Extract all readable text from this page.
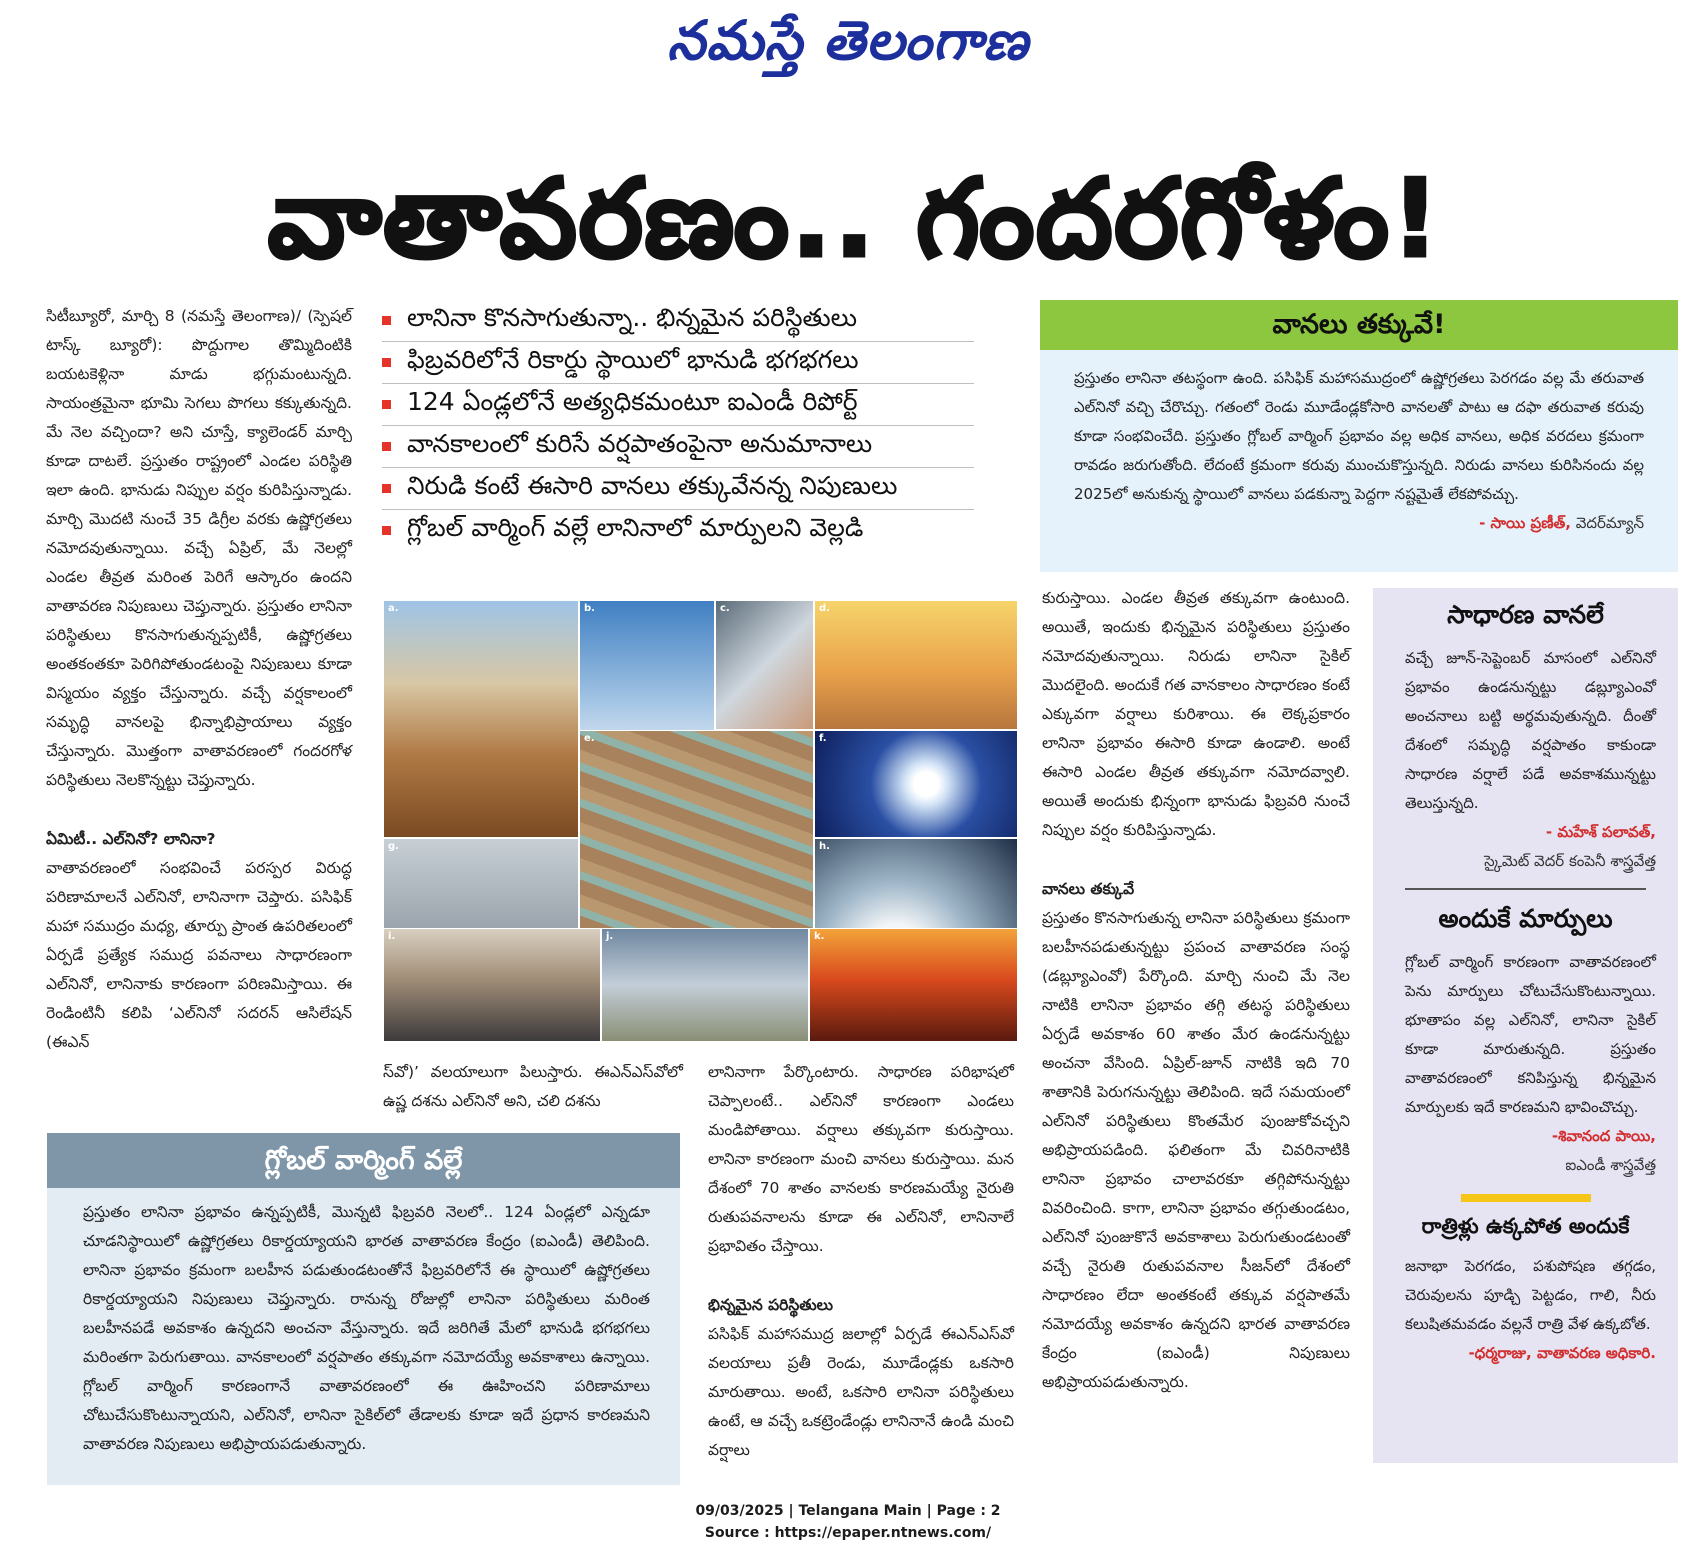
నమస్తే తెలంగాణ
వాతావరణం.. గందరగోళం!

సిటీబ్యూరో, మార్చి 8 (నమస్తే తెలంగాణ)/ (స్పెషల్ టాస్క్ బ్యూరో): పొద్దుగాల తొమ్మిదింటికి బయటకెళ్లినా మాడు భగ్గుమంటున్నది. సాయంత్రమైనా భూమి సెగలు పొగలు కక్కుతున్నది. మే నెల వచ్చిందా? అని చూస్తే, క్యాలెండర్ మార్చి కూడా దాటలే. ప్రస్తుతం రాష్ట్రంలో ఎండల పరిస్థితి ఇలా ఉంది. భానుడు నిప్పుల వర్షం కురిపిస్తున్నాడు. మార్చి మొదటి నుంచే 35 డిగ్రీల వరకు ఉష్ణోగ్రతలు నమోదవుతున్నాయి. వచ్చే ఏప్రిల్, మే నెలల్లో ఎండల తీవ్రత మరింత పెరిగే ఆస్కారం ఉందని వాతావరణ నిపుణులు చెప్తున్నారు. ప్రస్తుతం లానినా పరిస్థితులు కొనసాగుతున్నప్పటికీ, ఉష్ణోగ్రతలు అంతకంతకూ పెరిగిపోతుండటంపై నిపుణులు కూడా విస్మయం వ్యక్తం చేస్తున్నారు. వచ్చే వర్షకాలంలో సమృద్ధి వానలపై భిన్నాభిప్రాయాలు వ్యక్తం చేస్తున్నారు. మొత్తంగా వాతావరణంలో గందరగోళ పరిస్థితులు నెలకొన్నట్టు చెప్తున్నారు.

ఏమిటీ.. ఎల్‌నినో? లానినా?

వాతావరణంలో సంభవించే పరస్పర విరుద్ధ పరిణామాలనే ఎల్‌నినో, లానినాగా చెప్తారు. పసిఫిక్ మహా సముద్రం మధ్య, తూర్పు ప్రాంత ఉపరితలంలో ఏర్పడే ప్రత్యేక సముద్ర పవనాలు సాధారణంగా ఎల్‌నినో, లానినాకు కారణంగా పరిణమిస్తాయి. ఈ రెండింటినీ కలిపి ‘ఎల్‌నినో సదరన్ ఆసిలేషన్ (ఈఎన్

లానినా కొనసాగుతున్నా.. భిన్నమైన పరిస్థితులు
ఫిబ్రవరిలోనే రికార్డు స్థాయిలో భానుడి భగభగలు
124 ఏండ్లలోనే అత్యధికమంటూ ఐఎండీ రిపోర్ట్
వానకాలంలో కురిసే వర్షపాతంపైనా అనుమానాలు
నిరుడి కంటే ఈసారి వానలు తక్కువేనన్న నిపుణులు
గ్లోబల్ వార్మింగ్ వల్లే లానినాలో మార్పులని వెల్లడి
a.	b.	c.	d.
e.	f.
g.	h.
i.	j.	k.

స్‌వో)’ వలయాలుగా పిలుస్తారు. ఈఎన్‌ఎస్‌వోలో ఉష్ణ దశను ఎల్‌నినో అని, చలి దశను

లానినాగా పేర్కొంటారు. సాధారణ పరిభాషలో చెప్పాలంటే.. ఎల్‌నినో కారణంగా ఎండలు మండిపోతాయి. వర్షాలు తక్కువగా కురుస్తాయి. లానినా కారణంగా మంచి వానలు కురుస్తాయి. మన దేశంలో 70 శాతం వానలకు కారణమయ్యే నైరుతి రుతుపవనాలను కూడా ఈ ఎల్‌నినో, లానినాలే ప్రభావితం చేస్తాయి.

భిన్నమైన పరిస్థితులు

పసిఫిక్ మహాసముద్ర జలాల్లో ఏర్పడే ఈఎన్‌ఎస్‌వో వలయాలు ప్రతీ రెండు, మూడేండ్లకు ఒకసారి మారుతాయి. అంటే, ఒకసారి లానినా పరిస్థితులు ఉంటే, ఆ వచ్చే ఒకట్రెండేండ్లు లానినానే ఉండి మంచి వర్షాలు

కురుస్తాయి. ఎండల తీవ్రత తక్కువగా ఉంటుంది. అయితే, ఇందుకు భిన్నమైన పరిస్థితులు ప్రస్తుతం నమోదవుతున్నాయి. నిరుడు లానినా సైకిల్ మొదలైంది. అందుకే గత వానకాలం సాధారణం కంటే ఎక్కువగా వర్షాలు కురిశాయి. ఈ లెక్కప్రకారం లానినా ప్రభావం ఈసారి కూడా ఉండాలి. అంటే ఈసారి ఎండల తీవ్రత తక్కువగా నమోదవ్వాలి. అయితే అందుకు భిన్నంగా భానుడు ఫిబ్రవరి నుంచే నిప్పుల వర్షం కురిపిస్తున్నాడు.

వానలు తక్కువే

ప్రస్తుతం కొనసాగుతున్న లానినా పరిస్థితులు క్రమంగా బలహీనపడుతున్నట్టు ప్రపంచ వాతావరణ సంస్థ (డబ్ల్యూఎంవో) పేర్కొంది. మార్చి నుంచి మే నెల నాటికి లానినా ప్రభావం తగ్గి తటస్థ పరిస్థితులు ఏర్పడే అవకాశం 60 శాతం మేర ఉండనున్నట్టు అంచనా వేసింది. ఏప్రిల్-జూన్ నాటికి ఇది 70 శాతానికి పెరుగనున్నట్టు తెలిపింది. ఇదే సమయంలో ఎల్‌నినో పరిస్థితులు కొంతమేర పుంజుకోవచ్చని అభిప్రాయపడింది. ఫలితంగా మే చివరినాటికి లానినా ప్రభావం చాలావరకూ తగ్గిపోనున్నట్టు వివరించింది. కాగా, లానినా ప్రభావం తగ్గుతుండటం, ఎల్‌నినో పుంజుకొనే అవకాశాలు పెరుగుతుండటంతో వచ్చే నైరుతి రుతుపవనాల సీజన్‌లో దేశంలో సాధారణం లేదా అంతకంటే తక్కువ వర్షపాతమే నమోదయ్యే అవకాశం ఉన్నదని భారత వాతావరణ కేంద్రం (ఐఎండీ) నిపుణులు అభిప్రాయపడుతున్నారు.

వానలు తక్కువే!
ప్రస్తుతం లానినా తటస్థంగా ఉంది. పసిఫిక్ మహాసముద్రంలో ఉష్ణోగ్రతలు పెరగడం వల్ల మే తరువాత ఎల్‌నినో వచ్చి చేరొచ్చు. గతంలో రెండు మూడేండ్లకోసారి వానలతో పాటు ఆ దఫా తరువాత కరువు కూడా సంభవించేది. ప్రస్తుతం గ్లోబల్ వార్మింగ్ ప్రభావం వల్ల అధిక వానలు, అధిక వరదలు క్రమంగా రావడం జరుగుతోంది. లేదంటే క్రమంగా కరువు ముంచుకొస్తున్నది. నిరుడు వానలు కురిసినందు వల్ల 2025లో అనుకున్న స్థాయిలో వానలు పడకున్నా పెద్దగా నష్టమైతే లేకపోవచ్చు.
- సాయి ప్రణీత్, వెదర్‌మ్యాన్
సాధారణ వానలే
వచ్చే జూన్-సెప్టెంబర్ మాసంలో ఎల్‌నినో ప్రభావం ఉండనున్నట్టు డబ్ల్యూఎంవో అంచనాలు బట్టి అర్థమవుతున్నది. దీంతో దేశంలో సమృద్ధి వర్షపాతం కాకుండా సాధారణ వర్షాలే పడే అవకాశమున్నట్టు తెలుస్తున్నది.
- మహేశ్ పలావత్,
స్కైమెట్ వెదర్ కంపెనీ శాస్త్రవేత్త
అందుకే మార్పులు
గ్లోబల్ వార్మింగ్ కారణంగా వాతావరణంలో పెను మార్పులు చోటుచేసుకొంటున్నాయి. భూతాపం వల్ల ఎల్‌నినో, లానినా సైకిల్ కూడా మారుతున్నది. ప్రస్తుతం వాతావరణంలో కనిపిస్తున్న భిన్నమైన మార్పులకు ఇదే కారణమని భావించొచ్చు.
-శివానంద పాయి,
ఐఎండీ శాస్త్రవేత్త
రాత్రిళ్లు ఉక్కపోత అందుకే
జనాభా పెరగడం, పశుపోషణ తగ్గడం, చెరువులను పూడ్చి పెట్టడం, గాలి, నీరు కలుషితమవడం వల్లనే రాత్రి వేళ ఉక్కబోత.
-ధర్మరాజు, వాతావరణ అధికారి.
గ్లోబల్ వార్మింగ్ వల్లే
ప్రస్తుతం లానినా ప్రభావం ఉన్నప్పటికీ, మొన్నటి ఫిబ్రవరి నెలలో.. 124 ఏండ్లలో ఎన్నడూ చూడనిస్థాయిలో ఉష్ణోగ్రతలు రికార్డయ్యాయని భారత వాతావరణ కేంద్రం (ఐఎండీ) తెలిపింది. లానినా ప్రభావం క్రమంగా బలహీన పడుతుండటంతోనే ఫిబ్రవరిలోనే ఈ స్థాయిలో ఉష్ణోగ్రతలు రికార్డయ్యాయని నిపుణులు చెప్తున్నారు. రానున్న రోజుల్లో లానినా పరిస్థితులు మరింత బలహీనపడే అవకాశం ఉన్నదని అంచనా వేస్తున్నారు. ఇదే జరిగితే మేలో భానుడి భగభగలు మరింతగా పెరుగుతాయి. వానకాలంలో వర్షపాతం తక్కువగా నమోదయ్యే అవకాశాలు ఉన్నాయి. గ్లోబల్ వార్మింగ్ కారణంగానే వాతావరణంలో ఈ ఊహించని పరిణామాలు చోటుచేసుకొంటున్నాయని, ఎల్‌నినో, లానినా సైకిల్‌లో తేడాలకు కూడా ఇదే ప్రధాన కారణమని వాతావరణ నిపుణులు అభిప్రాయపడుతున్నారు.
09/03/2025 | Telangana Main | Page : 2
Source : https://epaper.ntnews.com/
